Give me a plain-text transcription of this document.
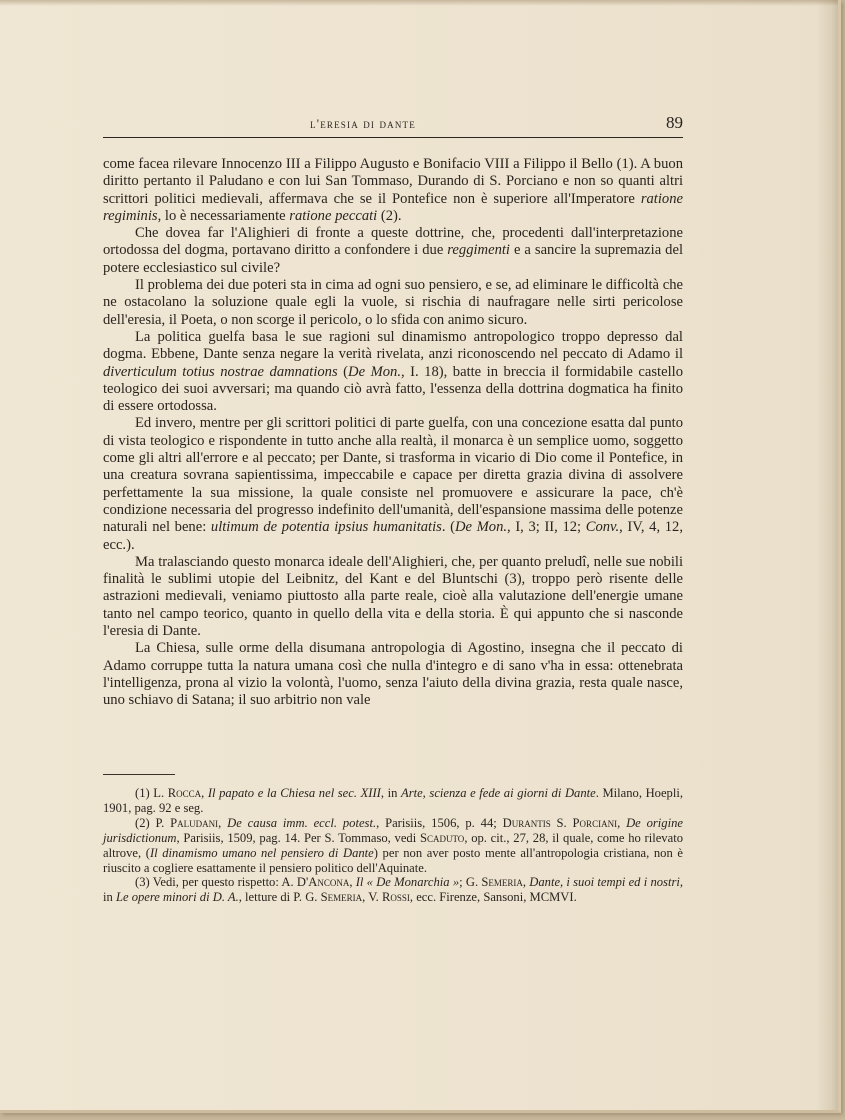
l'eresia di dante	89

come facea rilevare Innocenzo III a Filippo Augusto e Bonifacio VIII a Filippo il Bello (1). A buon diritto pertanto il Paludano e con lui San Tommaso, Durando di S. Porciano e non so quanti altri scrittori politici medievali, affermava che se il Pontefice non è superiore all'Imperatore ratione regiminis, lo è necessariamente ratione peccati (2).

Che dovea far l'Alighieri di fronte a queste dottrine, che, procedenti dall'interpretazione ortodossa del dogma, portavano diritto a confondere i due reggimenti e a sancire la supremazia del potere ecclesiastico sul civile?

Il problema dei due poteri sta in cima ad ogni suo pensiero, e se, ad eliminare le difficoltà che ne ostacolano la soluzione quale egli la vuole, si rischia di naufragare nelle sirti pericolose dell'eresia, il Poeta, o non scorge il pericolo, o lo sfida con animo sicuro.

La politica guelfa basa le sue ragioni sul dinamismo antropologico troppo depresso dal dogma. Ebbene, Dante senza negare la verità rivelata, anzi riconoscendo nel peccato di Adamo il diverticulum totius nostrae damnations (De Mon., I. 18), batte in breccia il formidabile castello teologico dei suoi avversari; ma quando ciò avrà fatto, l'essenza della dottrina dogmatica ha finito di essere ortodossa.

Ed invero, mentre per gli scrittori politici di parte guelfa, con una concezione esatta dal punto di vista teologico e rispondente in tutto anche alla realtà, il monarca è un semplice uomo, soggetto come gli altri all'errore e al peccato; per Dante, si trasforma in vicario di Dio come il Pontefice, in una creatura sovrana sapientissima, impeccabile e capace per diretta grazia divina di assolvere perfettamente la sua missione, la quale consiste nel promuovere e assicurare la pace, ch'è condizione necessaria del progresso indefinito dell'umanità, dell'espansione massima delle potenze naturali nel bene: ultimum de potentia ipsius humanitatis. (De Mon., I, 3; II, 12; Conv., IV, 4, 12, ecc.).

Ma tralasciando questo monarca ideale dell'Alighieri, che, per quanto preludî, nelle sue nobili finalità le sublimi utopie del Leibnitz, del Kant e del Bluntschi (3), troppo però risente delle astrazioni medievali, veniamo piuttosto alla parte reale, cioè alla valutazione dell'energie umane tanto nel campo teorico, quanto in quello della vita e della storia. È qui appunto che si nasconde l'eresia di Dante.

La Chiesa, sulle orme della disumana antropologia di Agostino, insegna che il peccato di Adamo corruppe tutta la natura umana così che nulla d'integro e di sano v'ha in essa: ottenebrata l'intelligenza, prona al vizio la volontà, l'uomo, senza l'aiuto della divina grazia, resta quale nasce, uno schiavo di Satana; il suo arbitrio non vale

(1) L. Rocca, Il papato e la Chiesa nel sec. XIII, in Arte, scienza e fede ai giorni di Dante. Milano, Hoepli, 1901, pag. 92 e seg.

(2) P. Paludani, De causa imm. eccl. potest., Parisiis, 1506, p. 44; Durantis S. Porciani, De origine jurisdictionum, Parisiis, 1509, pag. 14. Per S. Tommaso, vedi Scaduto, op. cit., 27, 28, il quale, come ho rilevato altrove, (Il dinamismo umano nel pensiero di Dante) per non aver posto mente all'antropologia cristiana, non è riuscito a cogliere esattamente il pensiero politico dell'Aquinate.

(3) Vedi, per questo rispetto: A. D'Ancona, Il « De Monarchia »; G. Semeria, Dante, i suoi tempi ed i nostri, in Le opere minori di D. A., letture di P. G. Semeria, V. Rossi, ecc. Firenze, Sansoni, MCMVI.
